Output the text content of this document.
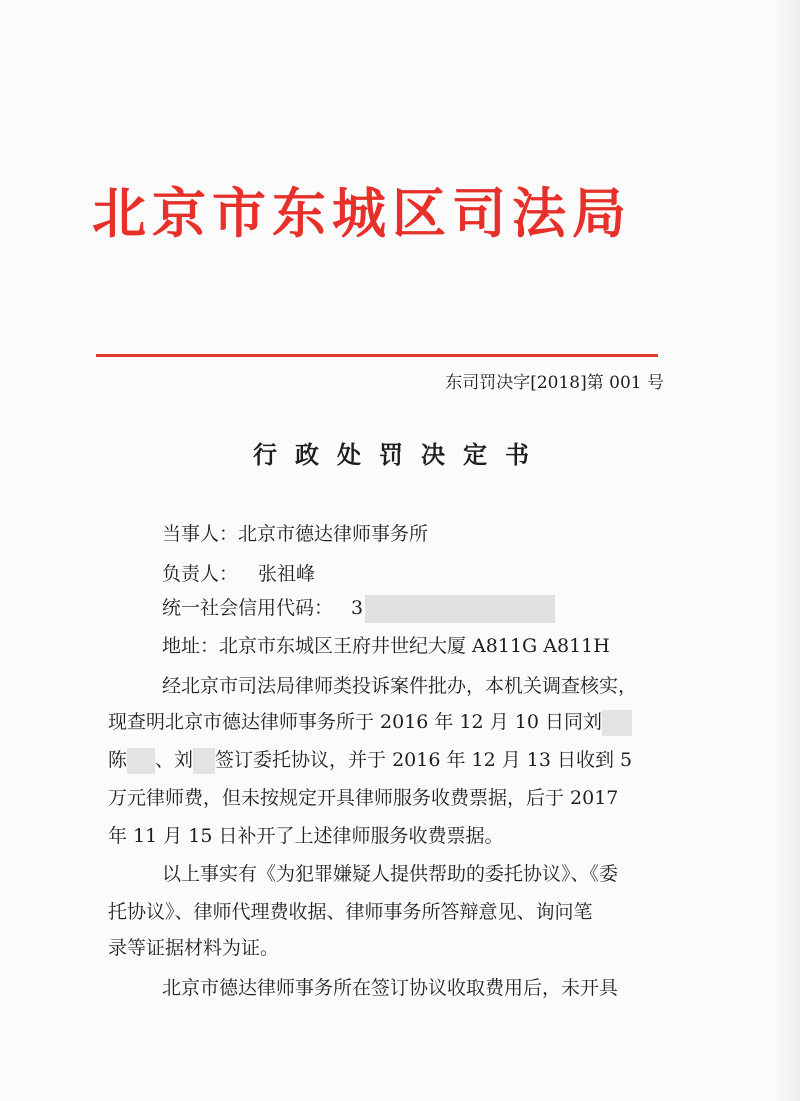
北京市东城区司法局
东司罚决字[2018]第 001 号
行政处罚决定书
当事人：北京市德达律师事务所
负责人： 张祖峰
统一社会信用代码： 3
地址：北京市东城区王府井世纪大厦 A811G A811H
经北京市司法局律师类投诉案件批办，本机关调查核实，
现查明北京市德达律师事务所于 2016 年 12 月 10 日同刘
陈 、刘 签订委托协议，并于 2016 年 12 月 13 日收到 5
万元律师费，但未按规定开具律师服务收费票据，后于 2017
年 11 月 15 日补开了上述律师服务收费票据。
以上事实有《为犯罪嫌疑人提供帮助的委托协议》、《委
托协议》、律师代理费收据、律师事务所答辩意见、询问笔
录等证据材料为证。
北京市德达律师事务所在签订协议收取费用后，未开具
